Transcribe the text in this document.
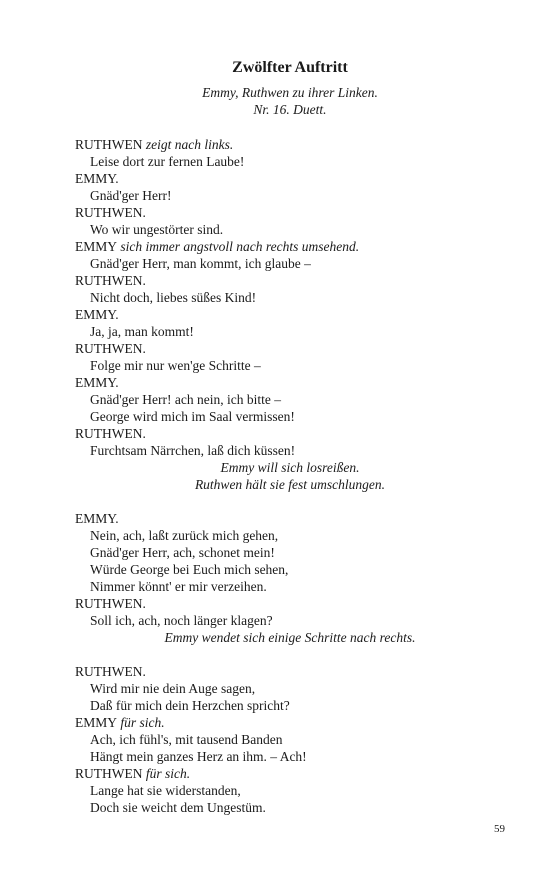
Zwölfter Auftritt
Emmy, Ruthwen zu ihrer Linken.
Nr. 16. Duett.
RUTHWEN zeigt nach links.
Leise dort zur fernen Laube!
EMMY.
Gnäd'ger Herr!
RUTHWEN.
Wo wir ungestörter sind.
EMMY sich immer angstvoll nach rechts umsehend.
Gnäd'ger Herr, man kommt, ich glaube –
RUTHWEN.
Nicht doch, liebes süßes Kind!
EMMY.
Ja, ja, man kommt!
RUTHWEN.
Folge mir nur wen'ge Schritte –
EMMY.
Gnäd'ger Herr! ach nein, ich bitte –
George wird mich im Saal vermissen!
RUTHWEN.
Furchtsam Närrchen, laß dich küssen!
Emmy will sich losreißen.
Ruthwen hält sie fest umschlungen.
EMMY.
Nein, ach, laßt zurück mich gehen,
Gnäd'ger Herr, ach, schonet mein!
Würde George bei Euch mich sehen,
Nimmer könnt' er mir verzeihen.
RUTHWEN.
Soll ich, ach, noch länger klagen?
Emmy wendet sich einige Schritte nach rechts.
RUTHWEN.
Wird mir nie dein Auge sagen,
Daß für mich dein Herzchen spricht?
EMMY für sich.
Ach, ich fühl's, mit tausend Banden
Hängt mein ganzes Herz an ihm. – Ach!
RUTHWEN für sich.
Lange hat sie widerstanden,
Doch sie weicht dem Ungestüm.
59
